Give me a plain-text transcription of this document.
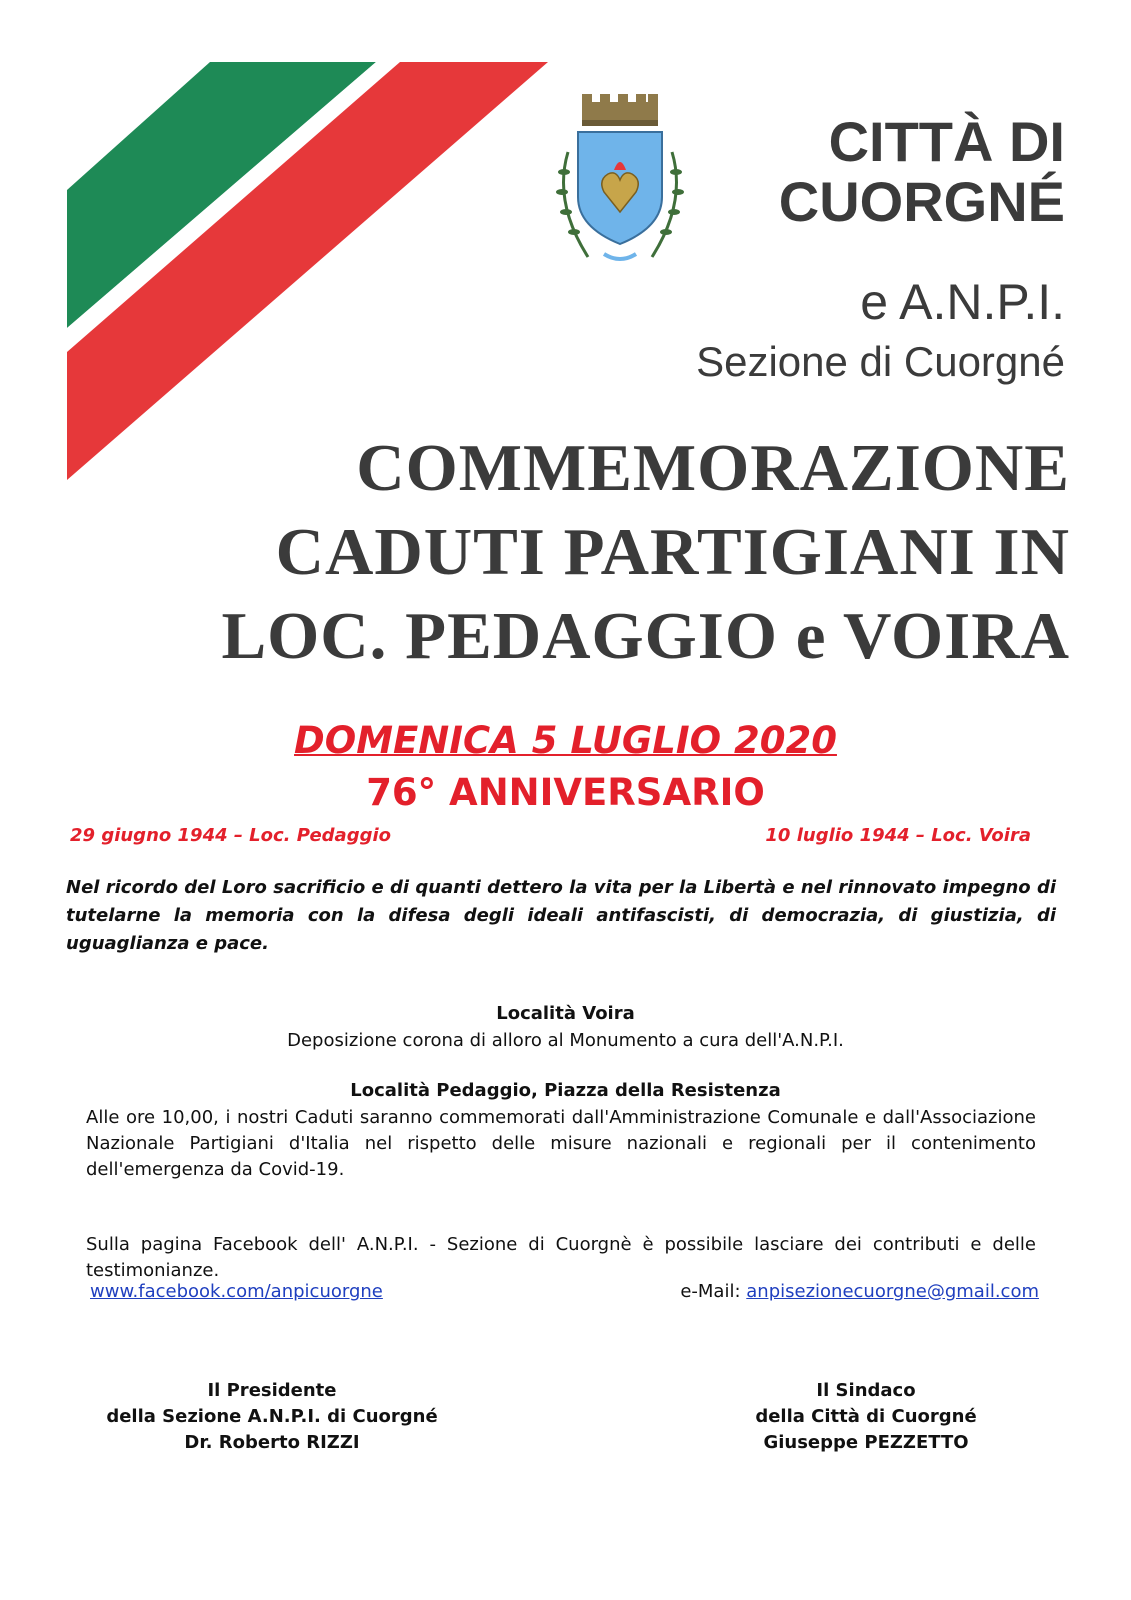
CITTÀ DI
CUORGNÉ

e A.N.P.I.

Sezione di Cuorgné

COMMEMORAZIONE
CADUTI PARTIGIANI IN
LOC. PEDAGGIO e VOIRA

DOMENICA 5 LUGLIO 2020

76° ANNIVERSARIO

29 giugno 1944 – Loc. Pedaggio	10 luglio 1944 – Loc. Voira

Nel ricordo del Loro sacrificio e di quanti dettero la vita per la Libertà e nel rinnovato impegno di tutelarne la memoria con la difesa degli ideali antifascisti, di democrazia, di giustizia, di uguaglianza e pace.

Località Voira

Deposizione corona di alloro al Monumento a cura dell'A.N.P.I.

Località Pedaggio, Piazza della Resistenza

Alle ore 10,00, i nostri Caduti saranno commemorati dall'Amministrazione Comunale e dall'Associazione Nazionale Partigiani d'Italia nel rispetto delle misure nazionali e regionali per il contenimento dell'emergenza da Covid-19.

Sulla pagina Facebook dell' A.N.P.I. - Sezione di Cuorgnè è possibile lasciare dei contributi e delle testimonianze.

www.facebook.com/anpicuorgne	e-Mail: anpisezionecuorgne@gmail.com

Il Presidente
della Sezione A.N.P.I. di Cuorgné
Dr. Roberto RIZZI
Il Sindaco
della Città di Cuorgné
Giuseppe PEZZETTO
